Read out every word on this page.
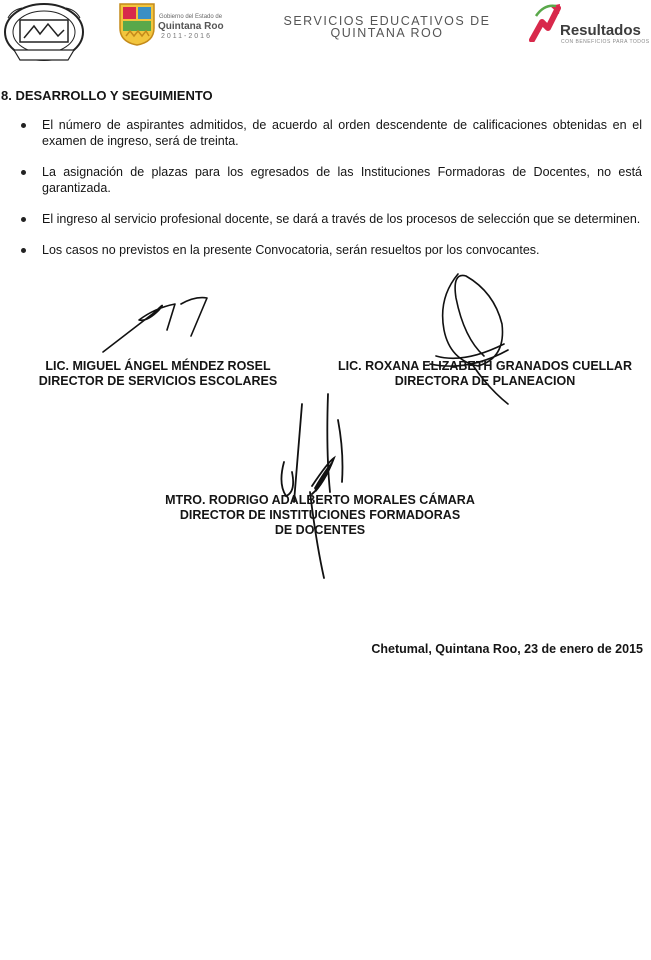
Gobierno del Estado de
Quintana Roo
2011-2016
SERVICIOS EDUCATIVOS DE
QUINTANA ROO	Resultados
CON BENEFICIOS PARA TODOS
8. DESARROLLO Y SEGUIMIENTO
El número de aspirantes admitidos, de acuerdo al orden descendente de calificaciones obtenidas en el examen de ingreso, será de treinta.
La asignación de plazas para los egresados de las Instituciones Formadoras de Docentes, no está garantizada.
El ingreso al servicio profesional docente, se dará a través de los procesos de selección que se determinen.
Los casos no previstos en la presente Convocatoria, serán resueltos por los convocantes.
LIC. MIGUEL ÁNGEL MÉNDEZ ROSEL
DIRECTOR DE SERVICIOS ESCOLARES
LIC. ROXANA ELIZABETH GRANADOS CUELLAR
DIRECTORA DE PLANEACION
MTRO. RODRIGO ADALBERTO MORALES CÁMARA
DIRECTOR DE INSTITUCIONES FORMADORAS
DE DOCENTES
Chetumal, Quintana Roo, 23 de enero de 2015
